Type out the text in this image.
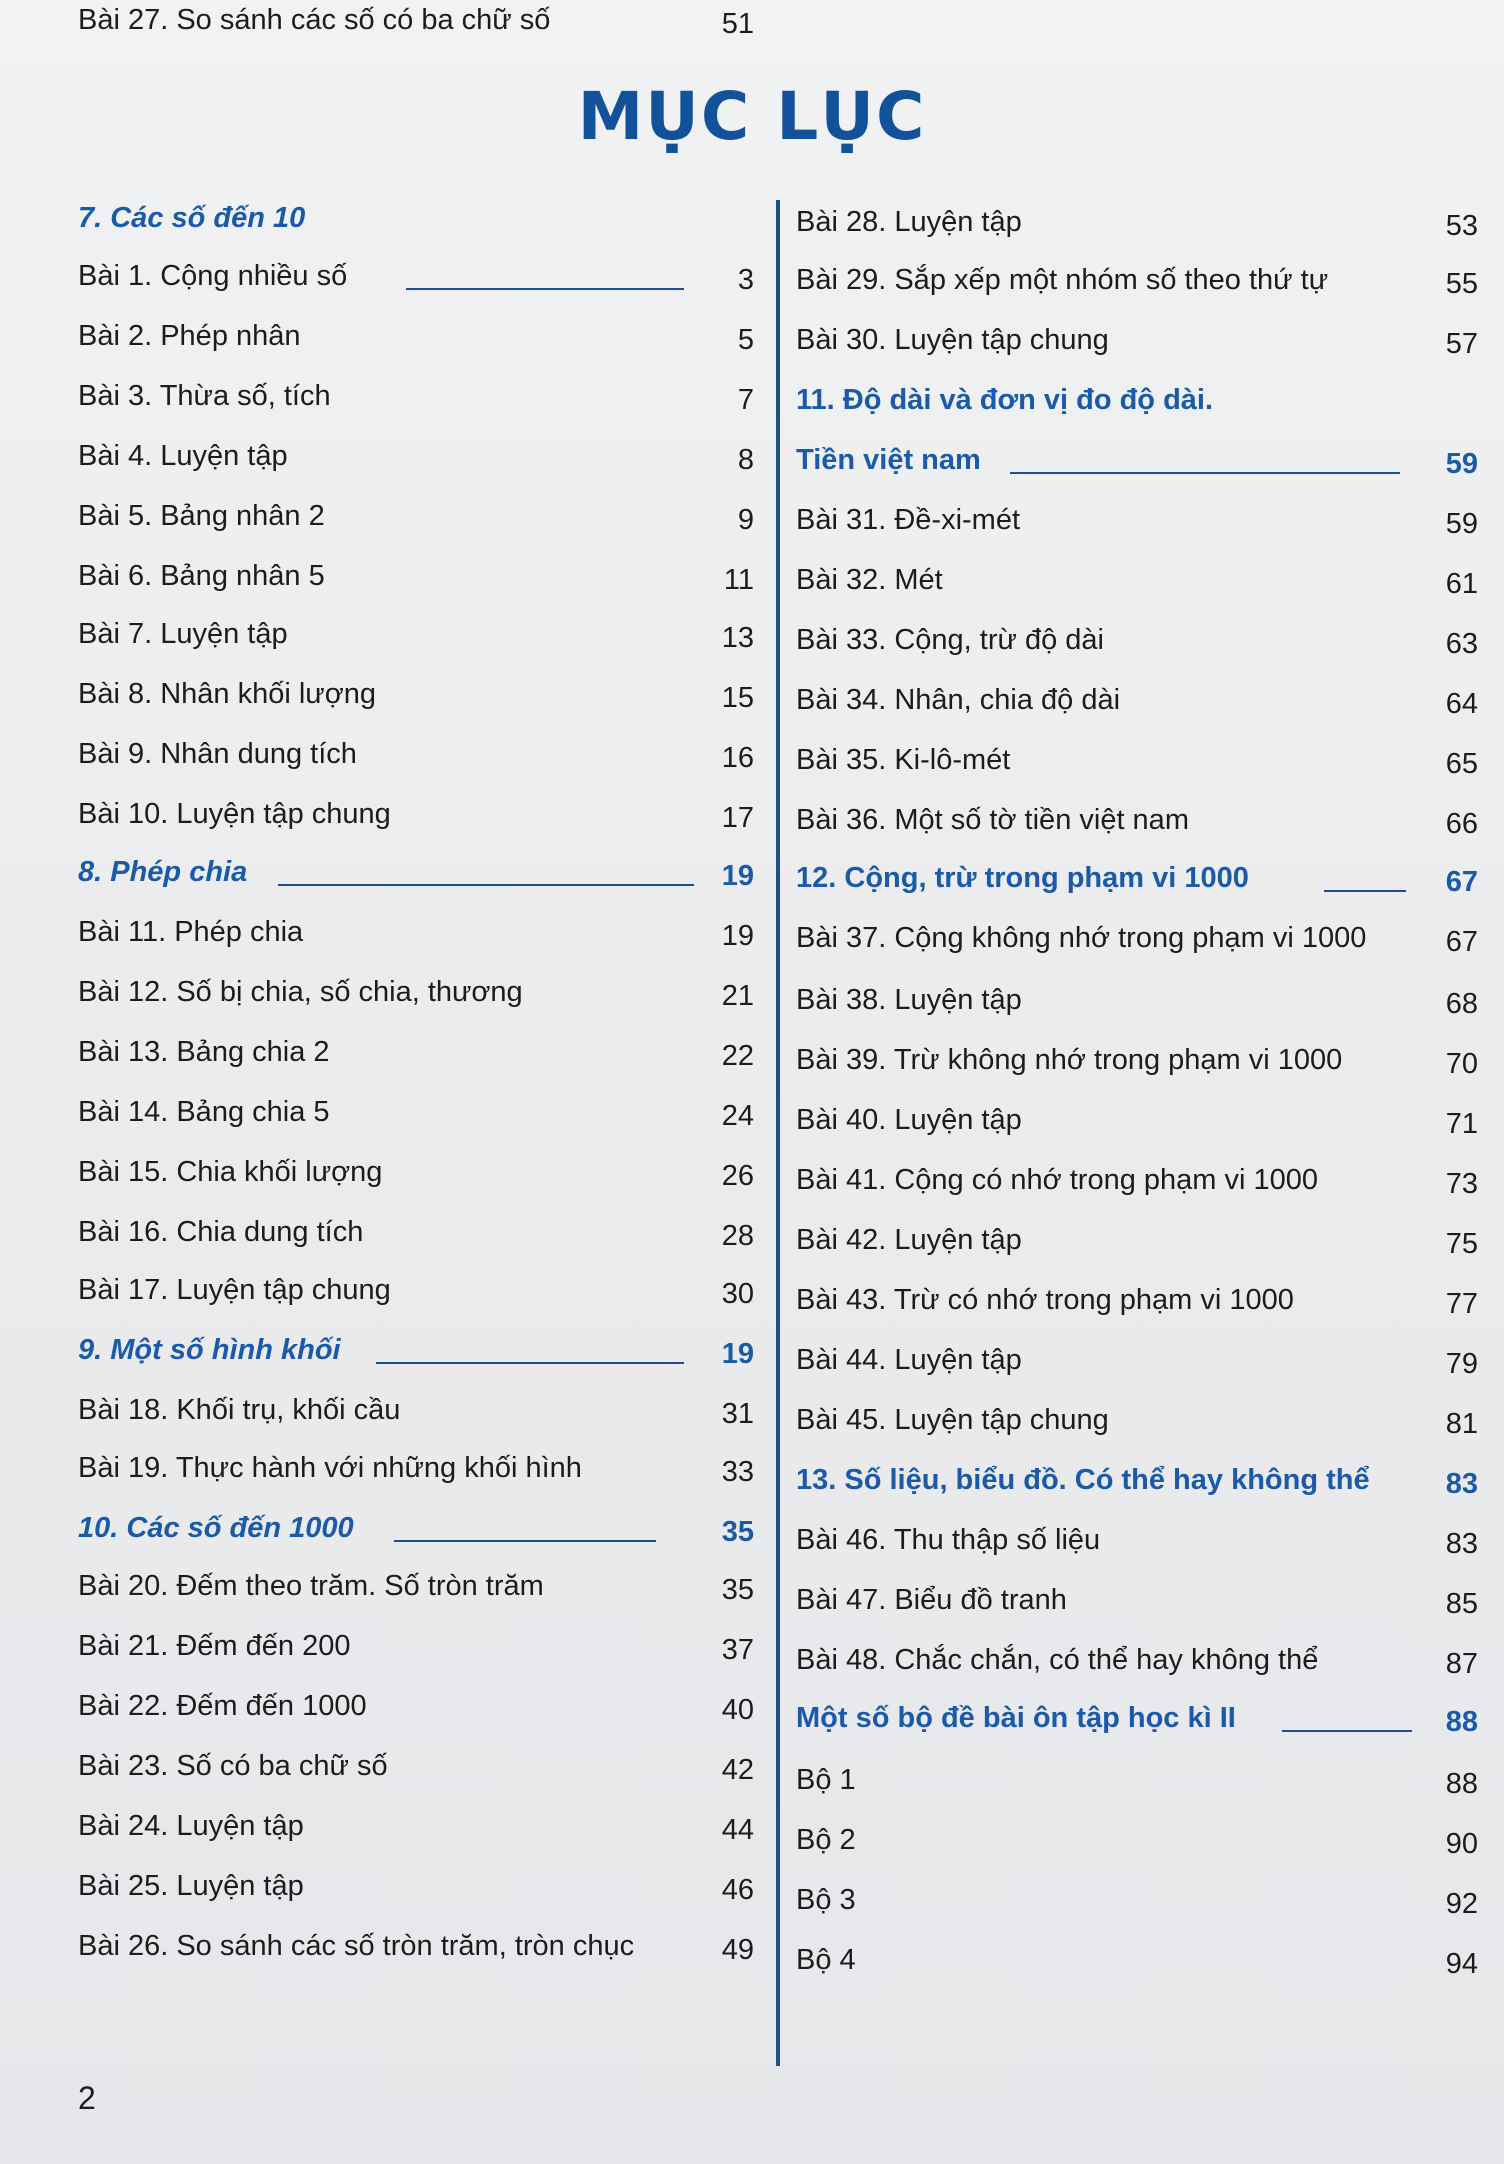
MỤC LỤC
7. Các số đến 10
Bài 1. Cộng nhiều số	3
Bài 2. Phép nhân	5
Bài 3. Thừa số, tích	7
Bài 4. Luyện tập	8
Bài 5. Bảng nhân 2	9
Bài 6. Bảng nhân 5	11
Bài 7. Luyện tập	13
Bài 8. Nhân khối lượng	15
Bài 9. Nhân dung tích	16
Bài 10. Luyện tập chung	17
8. Phép chia	19
Bài 11. Phép chia	19
Bài 12. Số bị chia, số chia, thương	21
Bài 13. Bảng chia 2	22
Bài 14. Bảng chia 5	24
Bài 15. Chia khối lượng	26
Bài 16. Chia dung tích	28
Bài 17. Luyện tập chung	30
9. Một số hình khối	19
Bài 18. Khối trụ, khối cầu	31
Bài 19. Thực hành với những khối hình	33
10. Các số đến 1000	35
Bài 20. Đếm theo trăm. Số tròn trăm	35
Bài 21. Đếm đến 200	37
Bài 22. Đếm đến 1000	40
Bài 23. Số có ba chữ số	42
Bài 24. Luyện tập	44
Bài 25. Luyện tập	46
Bài 26. So sánh các số tròn trăm, tròn chục	49
Bài 27. So sánh các số có ba chữ số	51
Bài 28. Luyện tập	53
Bài 29. Sắp xếp một nhóm số theo thứ tự	55
Bài 30. Luyện tập chung	57
11. Độ dài và đơn vị đo độ dài.
Tiền việt nam	59
Bài 31. Đề-xi-mét	59
Bài 32. Mét	61
Bài 33. Cộng, trừ độ dài	63
Bài 34. Nhân, chia độ dài	64
Bài 35. Ki-lô-mét	65
Bài 36. Một số tờ tiền việt nam	66
12. Cộng, trừ trong phạm vi 1000	67
Bài 37. Cộng không nhớ trong phạm vi 1000	67
Bài 38. Luyện tập	68
Bài 39. Trừ không nhớ trong phạm vi 1000	70
Bài 40. Luyện tập	71
Bài 41. Cộng có nhớ trong phạm vi 1000	73
Bài 42. Luyện tập	75
Bài 43. Trừ có nhớ trong phạm vi 1000	77
Bài 44. Luyện tập	79
Bài 45. Luyện tập chung	81
13. Số liệu, biểu đồ. Có thể hay không thể	83
Bài 46. Thu thập số liệu	83
Bài 47. Biểu đồ tranh	85
Bài 48. Chắc chắn, có thể hay không thể	87
Một số bộ đề bài ôn tập học kì II	88
Bộ 1	88
Bộ 2	90
Bộ 3	92
Bộ 4	94
2
